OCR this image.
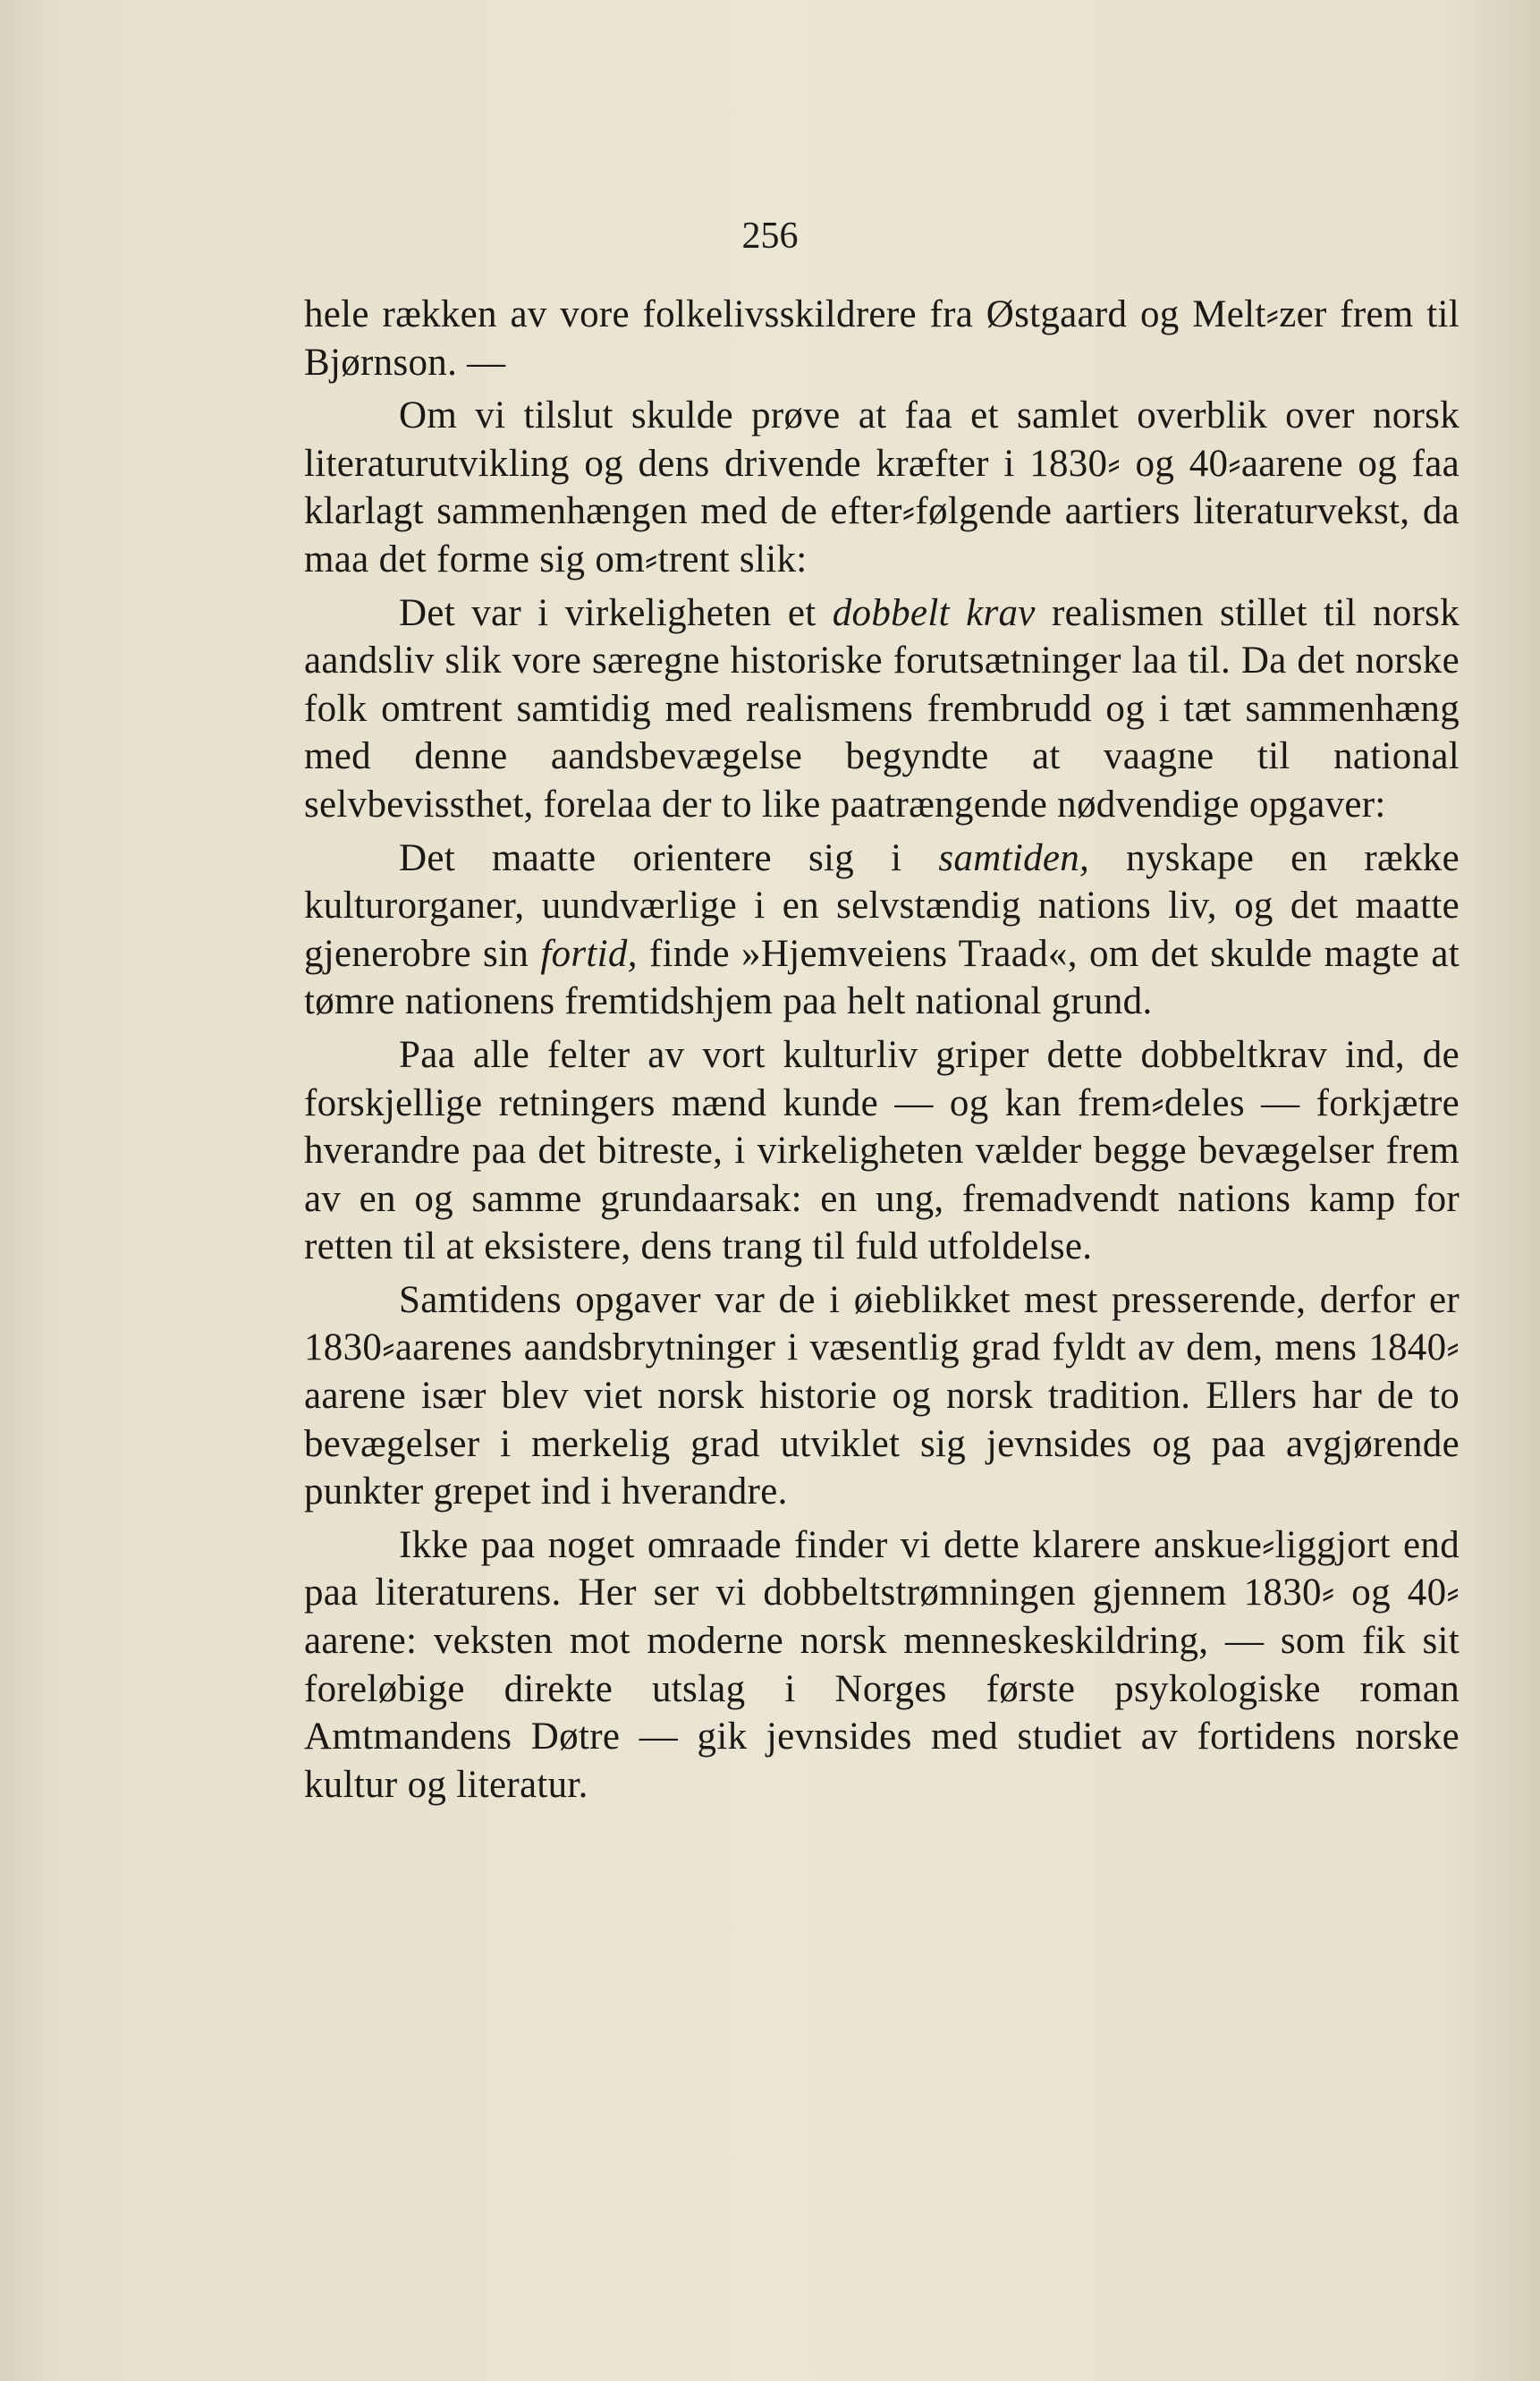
256

hele rækken av vore folkelivsskildrere fra Østgaard og Melt⸗zer frem til Bjørnson. —

Om vi tilslut skulde prøve at faa et samlet overblik over norsk literaturutvikling og dens drivende kræfter i 1830⸗ og 40⸗aarene og faa klarlagt sammenhængen med de efter⸗følgende aartiers literaturvekst, da maa det forme sig om⸗trent slik:

Det var i virkeligheten et dobbelt krav realismen stillet til norsk aandsliv slik vore særegne historiske forutsætninger laa til. Da det norske folk omtrent samtidig med realismens frembrudd og i tæt sammenhæng med denne aandsbevægelse begyndte at vaagne til national selvbevissthet, forelaa der to like paatrængende nødvendige opgaver:

Det maatte orientere sig i samtiden, nyskape en række kulturorganer, uundværlige i en selvstændig nations liv, og det maatte gjenerobre sin fortid, finde »Hjemveiens Traad«, om det skulde magte at tømre nationens fremtidshjem paa helt national grund.

Paa alle felter av vort kulturliv griper dette dobbeltkrav ind, de forskjellige retningers mænd kunde — og kan frem⸗deles — forkjætre hverandre paa det bitreste, i virkeligheten vælder begge bevægelser frem av en og samme grundaarsak: en ung, fremadvendt nations kamp for retten til at eksistere, dens trang til fuld utfoldelse.

Samtidens opgaver var de i øieblikket mest presserende, derfor er 1830⸗aarenes aandsbrytninger i væsentlig grad fyldt av dem, mens 1840⸗aarene især blev viet norsk historie og norsk tradition. Ellers har de to bevægelser i merkelig grad utviklet sig jevnsides og paa avgjørende punkter grepet ind i hverandre.

Ikke paa noget omraade finder vi dette klarere anskue⸗liggjort end paa literaturens. Her ser vi dobbeltstrømningen gjennem 1830⸗ og 40⸗aarene: veksten mot moderne norsk menneskeskildring, — som fik sit foreløbige direkte utslag i Norges første psykologiske roman Amtmandens Døtre — gik jevnsides med studiet av fortidens norske kultur og literatur.
